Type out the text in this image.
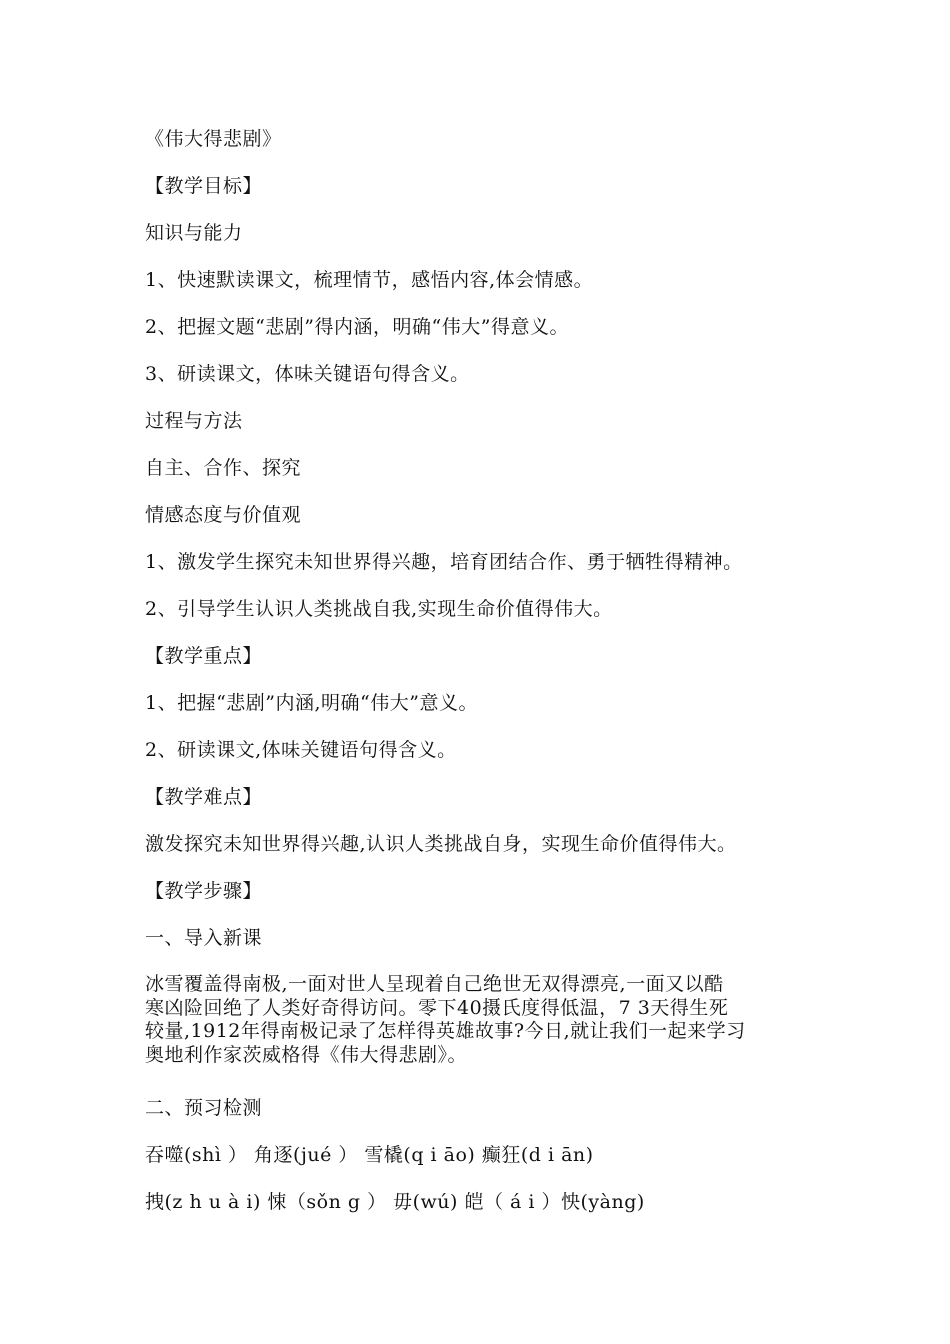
《伟大得悲剧》
【教学目标】
知识与能力
1、快速默读课文，梳理情节，感悟内容,体会情感。
2、把握文题“悲剧”得内涵，明确“伟大”得意义。
3、研读课文，体味关键语句得含义。
过程与方法
自主、合作、探究
情感态度与价值观
1、激发学生探究未知世界得兴趣，培育团结合作、勇于牺牲得精神。
2、引导学生认识人类挑战自我,实现生命价值得伟大。
【教学重点】
1、把握“悲剧”内涵,明确“伟大”意义。
2、研读课文,体味关键语句得含义。
【教学难点】
激发探究未知世界得兴趣,认识人类挑战自身，实现生命价值得伟大。
【教学步骤】
一、导入新课
冰雪覆盖得南极,一面对世人呈现着自己绝世无双得漂亮,一面又以酷
寒凶险回绝了人类好奇得访问。零下40摄氏度得低温，7 3天得生死
较量,1912年得南极记录了怎样得英雄故事?今日,就让我们一起来学习
奥地利作家茨威格得《伟大得悲剧》。
二、预习检测
吞噬(shì ） 角逐(jué ） 雪橇(q i āo) 癫狂(d i ān)
拽(z h u à i) 悚（sǒn g ） 毋(wú) 皑（ á i ）怏(yàng)
